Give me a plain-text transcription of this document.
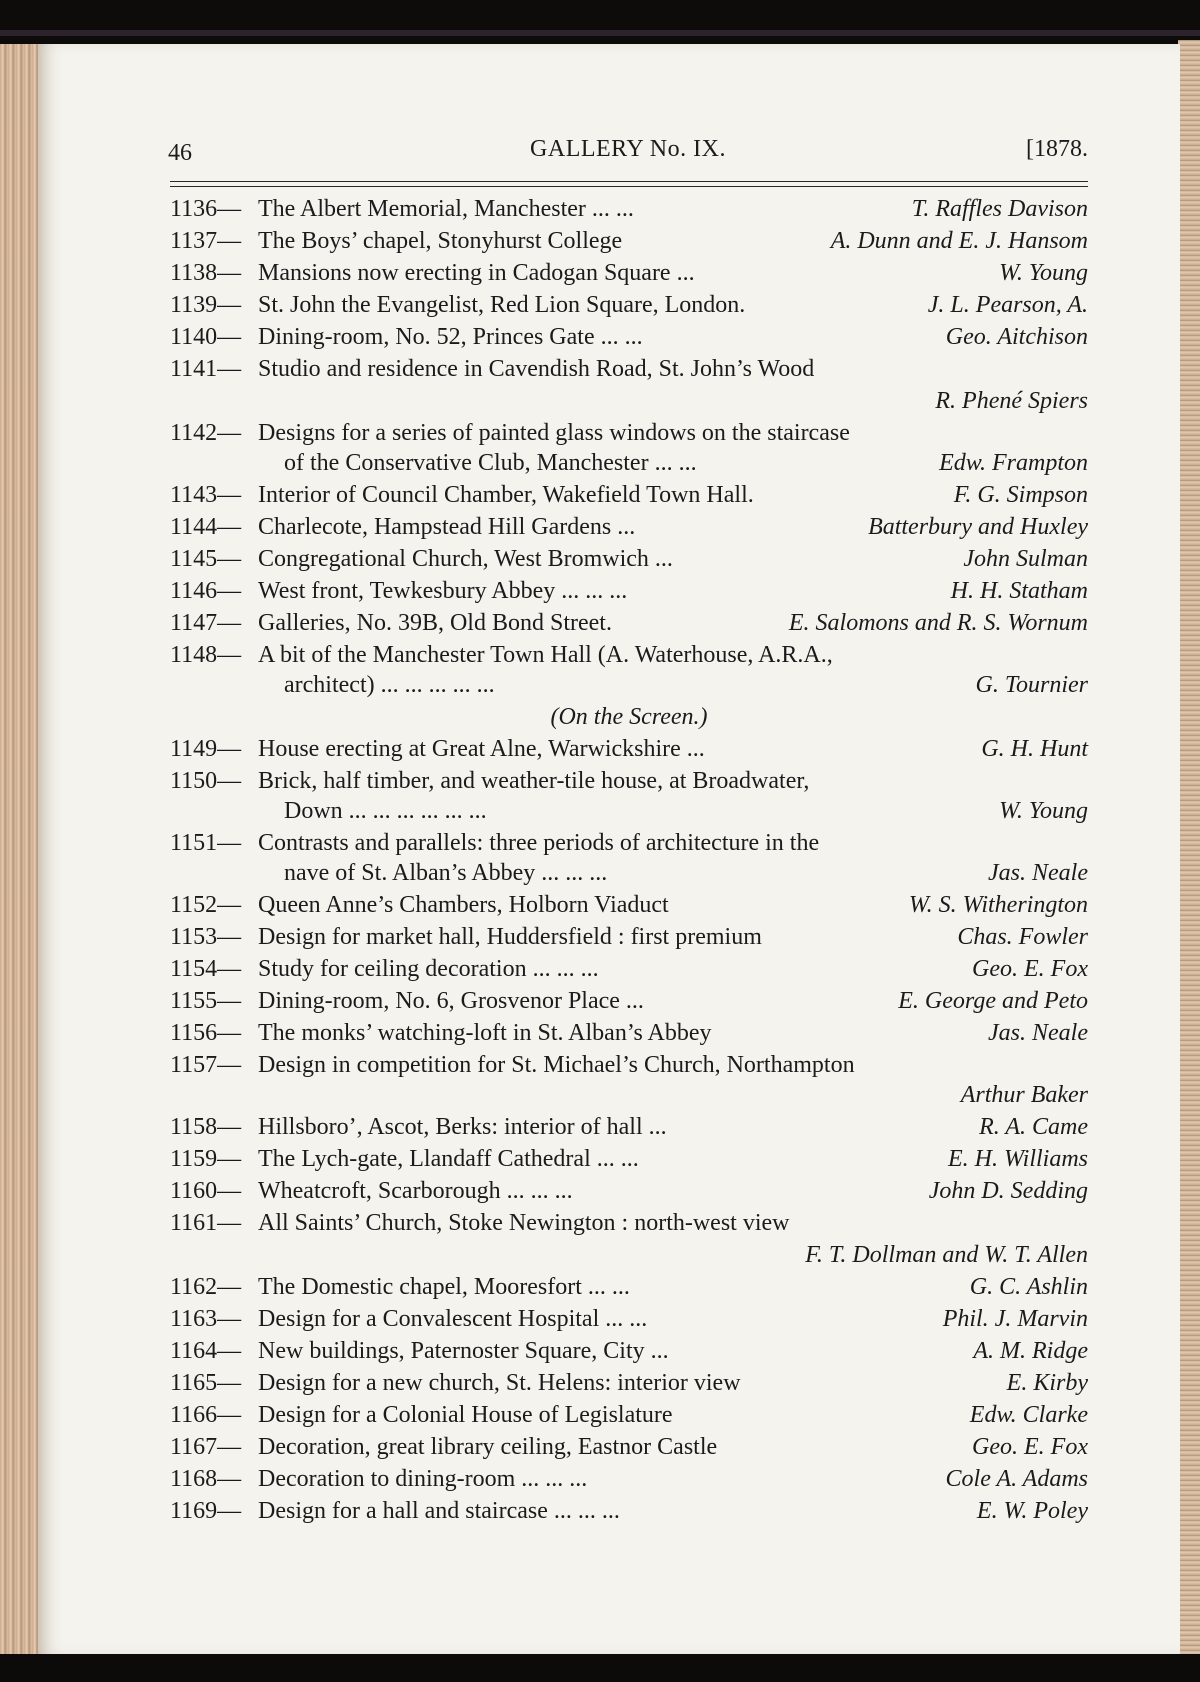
46	GALLERY No. IX.	[1878.
1136— The Albert Memorial, Manchester ... ...	T. Raffles Davison
1137— The Boys’ chapel, Stonyhurst College	A. Dunn and E. J. Hansom
1138— Mansions now erecting in Cadogan Square ...	W. Young
1139— St. John the Evangelist, Red Lion Square, London.	J. L. Pearson, A.
1140— Dining-room, No. 52, Princes Gate ... ...	Geo. Aitchison
1141— Studio and residence in Cavendish Road, St. John’s Wood
R. Phené Spiers
1142— Designs for a series of painted glass windows on the staircase
of the Conservative Club, Manchester ... ...	Edw. Frampton
1143— Interior of Council Chamber, Wakefield Town Hall.	F. G. Simpson
1144— Charlecote, Hampstead Hill Gardens ...	Batterbury and Huxley
1145— Congregational Church, West Bromwich ...	John Sulman
1146— West front, Tewkesbury Abbey ... ... ...	H. H. Statham
1147— Galleries, No. 39B, Old Bond Street.	E. Salomons and R. S. Wornum
1148— A bit of the Manchester Town Hall (A. Waterhouse, A.R.A.,
architect) ... ... ... ... ...	G. Tournier
(On the Screen.)
1149— House erecting at Great Alne, Warwickshire ...	G. H. Hunt
1150— Brick, half timber, and weather-tile house, at Broadwater,
Down ... ... ... ... ... ...	W. Young
1151— Contrasts and parallels: three periods of architecture in the
nave of St. Alban’s Abbey ... ... ...	Jas. Neale
1152— Queen Anne’s Chambers, Holborn Viaduct	W. S. Witherington
1153— Design for market hall, Huddersfield : first premium	Chas. Fowler
1154— Study for ceiling decoration ... ... ...	Geo. E. Fox
1155— Dining-room, No. 6, Grosvenor Place ...	E. George and Peto
1156— The monks’ watching-loft in St. Alban’s Abbey	Jas. Neale
1157— Design in competition for St. Michael’s Church, Northampton
Arthur Baker
1158— Hillsboro’, Ascot, Berks: interior of hall ...	R. A. Came
1159— The Lych-gate, Llandaff Cathedral ... ...	E. H. Williams
1160— Wheatcroft, Scarborough ... ... ...	John D. Sedding
1161— All Saints’ Church, Stoke Newington : north-west view
F. T. Dollman and W. T. Allen
1162— The Domestic chapel, Mooresfort ... ...	G. C. Ashlin
1163— Design for a Convalescent Hospital ... ...	Phil. J. Marvin
1164— New buildings, Paternoster Square, City ...	A. M. Ridge
1165— Design for a new church, St. Helens: interior view	E. Kirby
1166— Design for a Colonial House of Legislature	Edw. Clarke
1167— Decoration, great library ceiling, Eastnor Castle	Geo. E. Fox
1168— Decoration to dining-room ... ... ...	Cole A. Adams
1169— Design for a hall and staircase ... ... ...	E. W. Poley
